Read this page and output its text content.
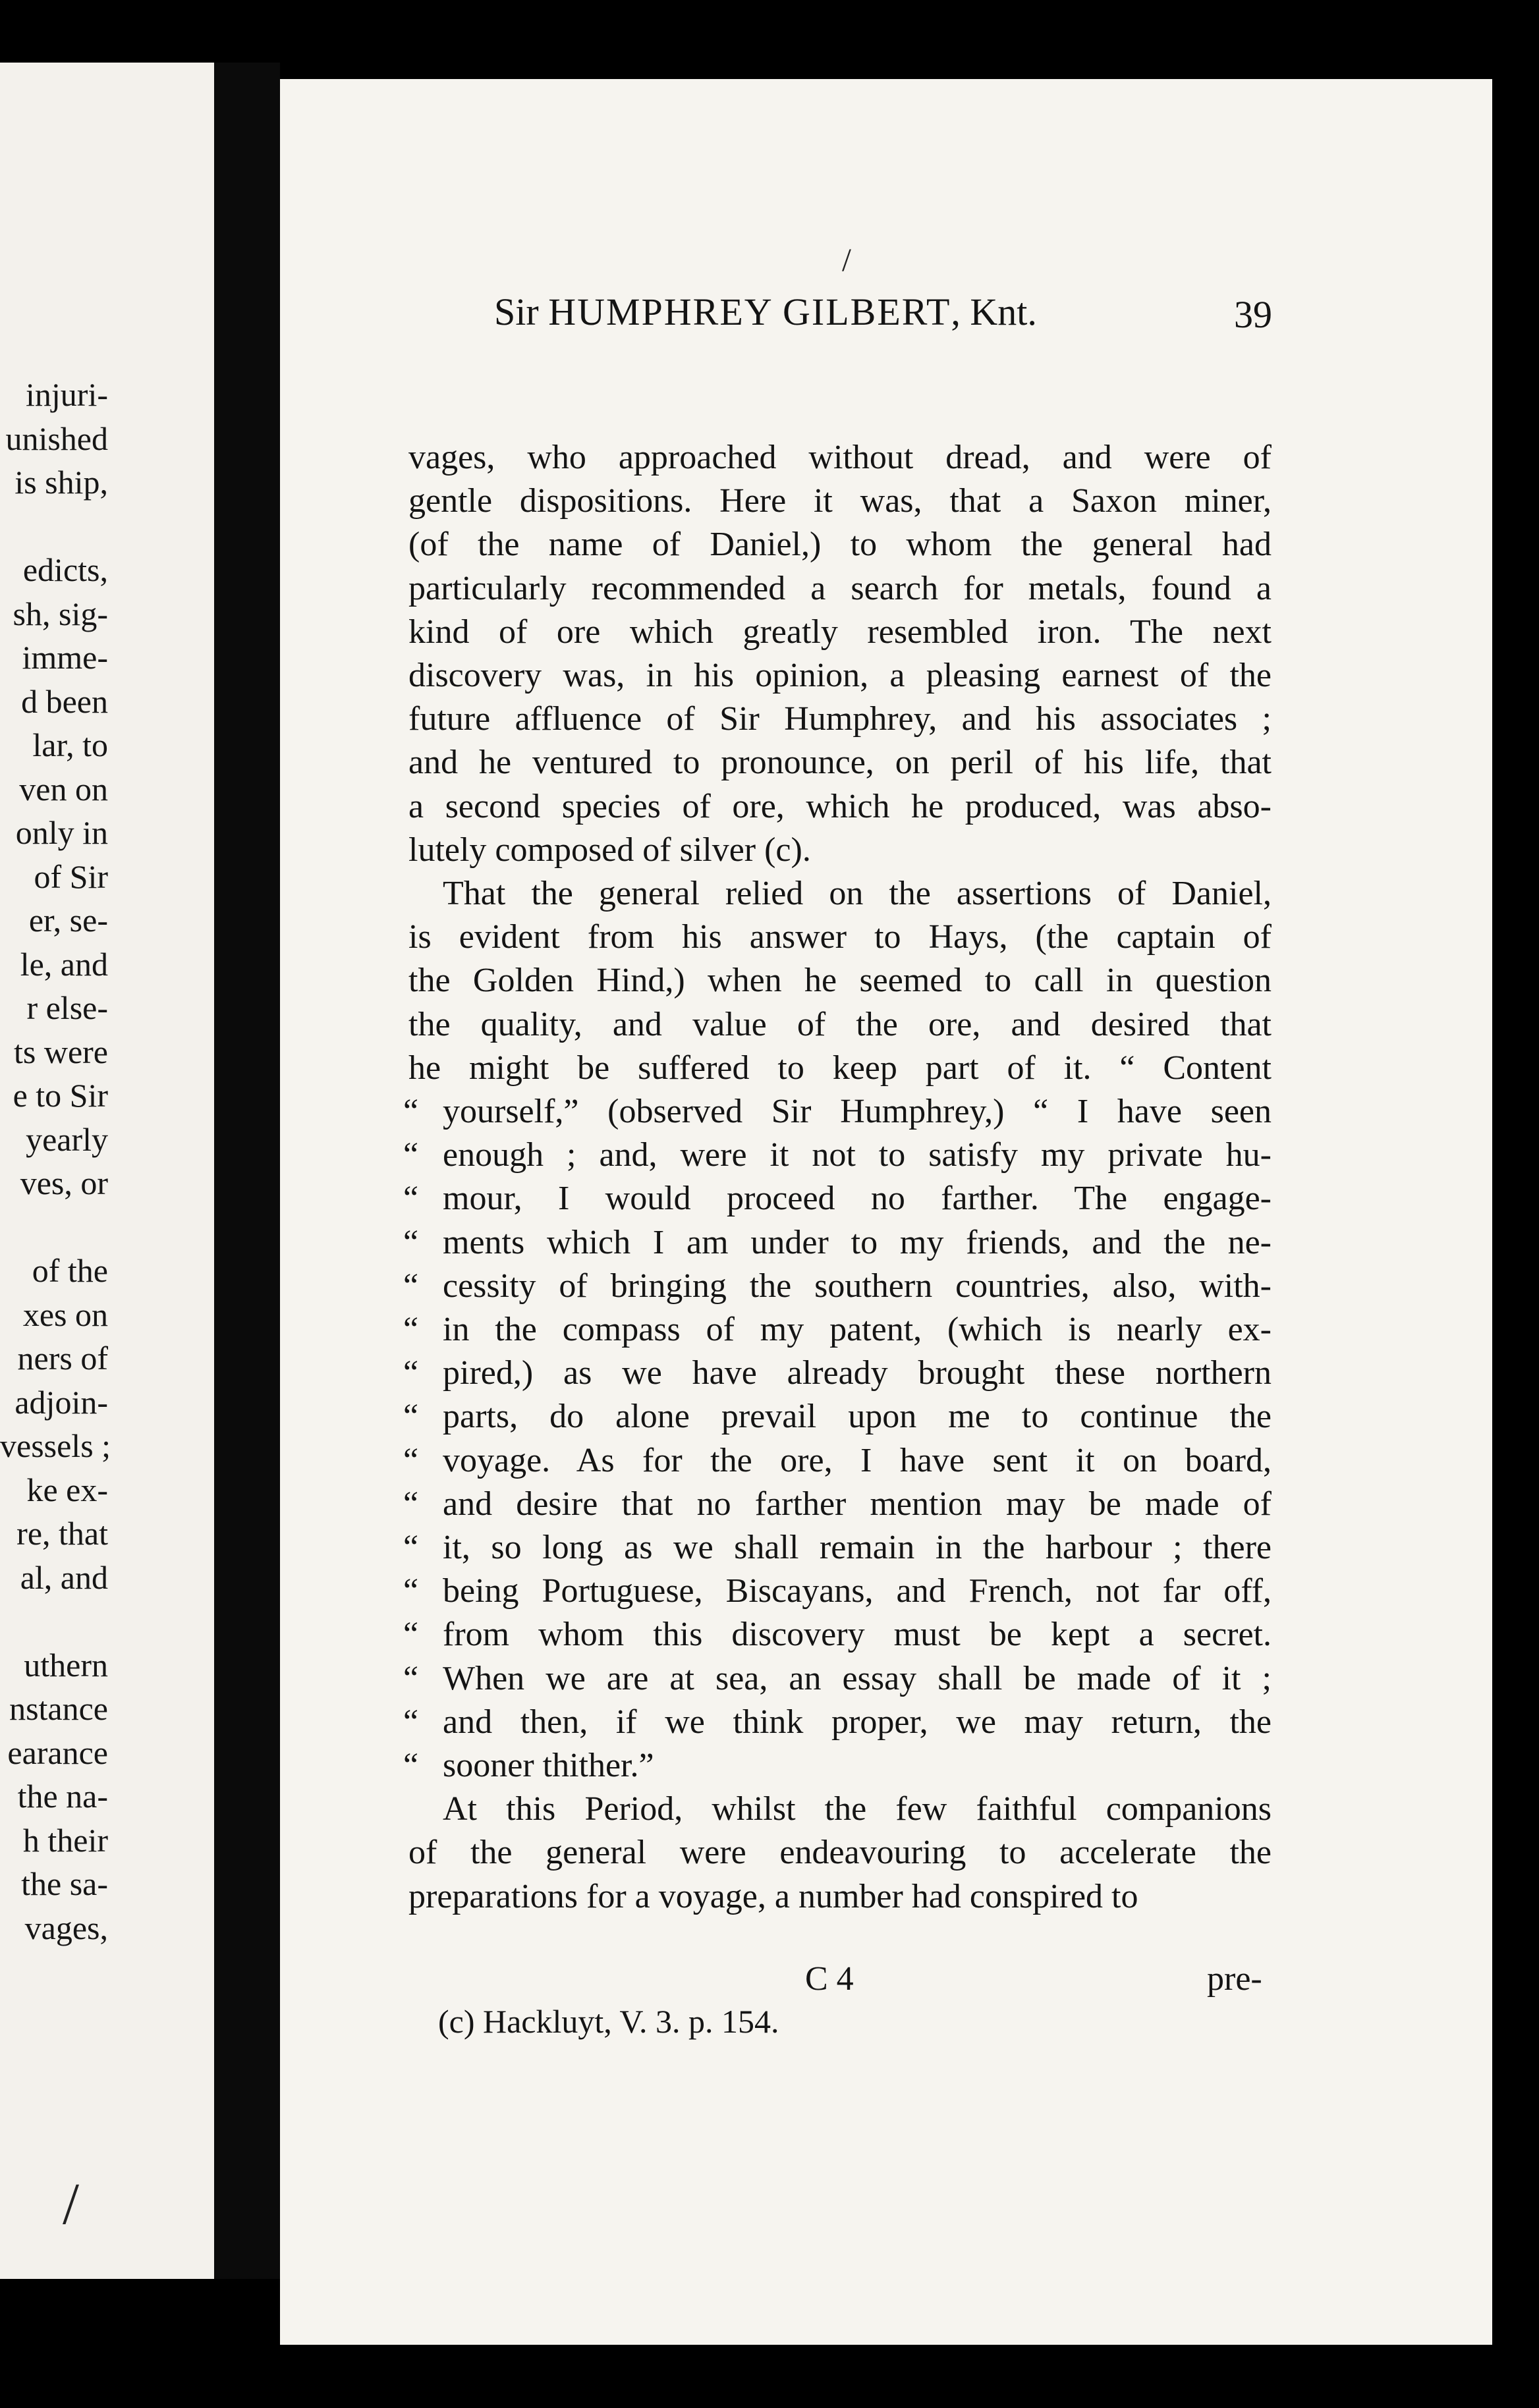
injuri-
unished
is ship,
edicts,
sh, sig-
imme-
d been
lar, to
ven on
only in
of Sir
er, se-
le, and
r else-
ts were
e to Sir
yearly
ves, or
of the
xes on
ners of
adjoin-
vessels ;
ke ex-
re, that
al, and
uthern
nstance
earance
the na-
h their
the sa-
vages,
Sir HUMPHREY GILBERT, Knt.	39
vages, who approached without dread, and were of
gentle dispositions. Here it was, that a Saxon miner,
(of the name of Daniel,) to whom the general had
particularly recommended a search for metals, found a
kind of ore which greatly resembled iron. The next
discovery was, in his opinion, a pleasing earnest of the
future affluence of Sir Humphrey, and his associates ;
and he ventured to pronounce, on peril of his life, that
a second species of ore, which he produced, was abso-
lutely composed of silver (c).
That the general relied on the assertions of Daniel,
is evident from his answer to Hays, (the captain of
the Golden Hind,) when he seemed to call in question
the quality, and value of the ore, and desired that
he might be suffered to keep part of it. “ Content
“ yourself,” (observed Sir Humphrey,) “ I have seen
“ enough ; and, were it not to satisfy my private hu-
“ mour, I would proceed no farther. The engage-
“ ments which I am under to my friends, and the ne-
“ cessity of bringing the southern countries, also, with-
“ in the compass of my patent, (which is nearly ex-
“ pired,) as we have already brought these northern
“ parts, do alone prevail upon me to continue the
“ voyage. As for the ore, I have sent it on board,
“ and desire that no farther mention may be made of
“ it, so long as we shall remain in the harbour ; there
“ being Portuguese, Biscayans, and French, not far off,
“ from whom this discovery must be kept a secret.
“ When we are at sea, an essay shall be made of it ;
“ and then, if we think proper, we may return, the
“ sooner thither.”
At this Period, whilst the few faithful companions
of the general were endeavouring to accelerate the
preparations for a voyage, a number had conspired to
C 4	pre-
(c) Hackluyt, V. 3. p. 154.
/
/
